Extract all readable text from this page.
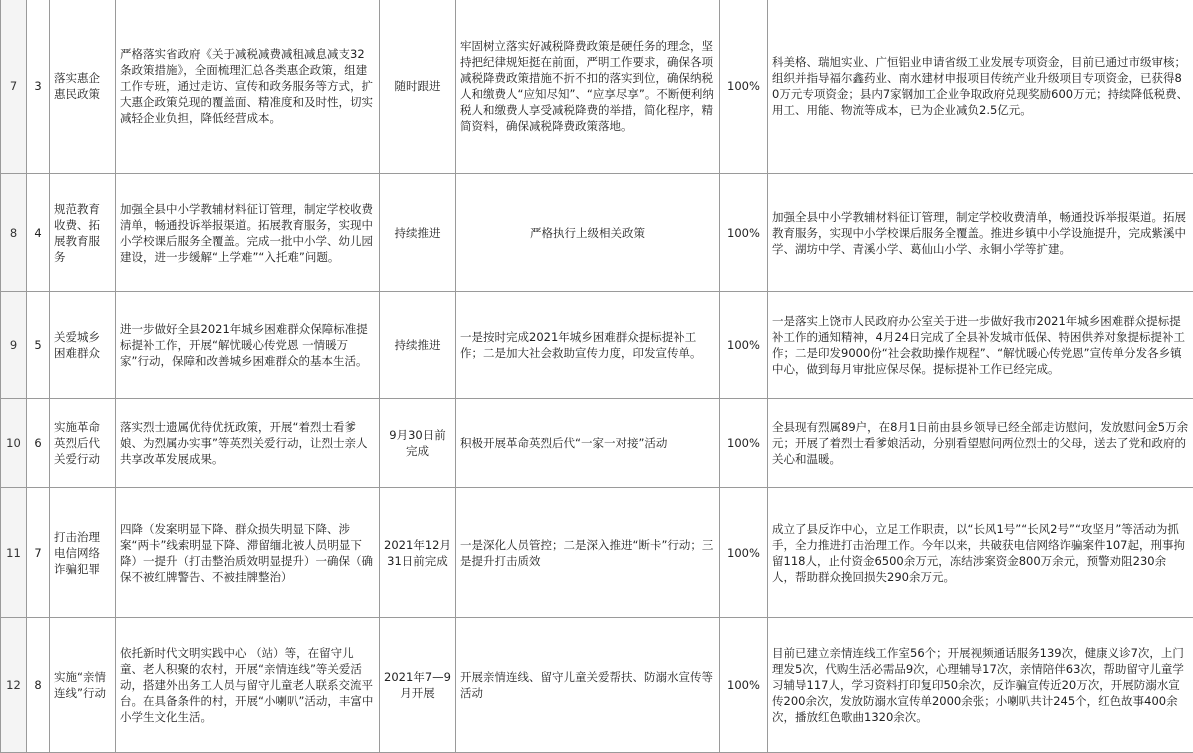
7	3	落实惠企惠民政策	严格落实省政府《关于减税减费减租减息减支32条政策措施》，全面梳理汇总各类惠企政策，组建工作专班，通过走访、宣传和政务服务等方式，扩大惠企政策兑现的覆盖面、精准度和及时性，切实减轻企业负担，降低经营成本。	随时跟进	牢固树立落实好减税降费政策是硬任务的理念，坚持把纪律规矩挺在前面，严明工作要求，确保各项减税降费政策措施不折不扣的落实到位，确保纳税人和缴费人“应知尽知”、“应享尽享”。不断便利纳税人和缴费人享受减税降费的举措，简化程序，精简资料，确保减税降费政策落地。	100%	科美格、瑞旭实业、广恒铝业申请省级工业发展专项资金，目前已通过市级审核；组织并指导福尔鑫药业、南水建材申报项目传统产业升级项目专项资金，已获得80万元专项资金；县内7家钢加工企业争取政府兑现奖励600万元；持续降低税费、用工、用能、物流等成本，已为企业减负2.5亿元。
8	4	规范教育收费、拓展教育服务	加强全县中小学教辅材料征订管理，制定学校收费清单，畅通投诉举报渠道。拓展教育服务，实现中小学校课后服务全覆盖。完成一批中小学、幼儿园建设，进一步缓解“上学难”“入托难”问题。	持续推进	严格执行上级相关政策	100%	加强全县中小学教辅材料征订管理，制定学校收费清单，畅通投诉举报渠道。拓展教育服务，实现中小学校课后服务全覆盖。推进乡镇中小学设施提升，完成紫溪中学、湖坊中学、青溪小学、葛仙山小学、永铜小学等扩建。
9	5	关爱城乡困难群众	进一步做好全县2021年城乡困难群众保障标准提标提补工作，开展“解忧暖心传党恩 一情暖万家”行动，保障和改善城乡困难群众的基本生活。	持续推进	一是按时完成2021年城乡困难群众提标提补工作；二是加大社会救助宣传力度，印发宣传单。	100%	一是落实上饶市人民政府办公室关于进一步做好我市2021年城乡困难群众提标提补工作的通知精神，4月24日完成了全县补发城市低保、特困供养对象提标提补工作；二是印发9000份“社会救助操作规程”、“解忧暖心传党恩”宣传单分发各乡镇中心，做到每月审批应保尽保。提标提补工作已经完成。
10	6	实施革命英烈后代关爱行动	落实烈士遗属优待优抚政策，开展“着烈士看爹娘、为烈属办实事”等英烈关爱行动，让烈士亲人共享改革发展成果。	9月30日前完成	积极开展革命英烈后代“一家一对接”活动	100%	全县现有烈属89户，在8月1日前由县乡领导已经全部走访慰问，发放慰问金5万余元；开展了着烈士看爹娘活动，分别看望慰问两位烈士的父母，送去了党和政府的关心和温暖。
11	7	打击治理电信网络诈骗犯罪	四降（发案明显下降、群众损失明显下降、涉案“两卡”线索明显下降、滞留缅北被人员明显下降）一提升（打击整治质效明显提升）一确保（确保不被红牌警告、不被挂牌整治）	2021年12月31日前完成	一是深化人员管控；二是深入推进“断卡”行动；三是提升打击质效	100%	成立了县反诈中心，立足工作职责，以“长风1号”“长风2号”“攻坚月”等活动为抓手，全力推进打击治理工作。今年以来，共破获电信网络诈骗案件107起，刑事拘留118人，止付资金6500余万元，冻结涉案资金800万余元，预警劝阻230余人，帮助群众挽回损失290余万元。
12	8	实施“亲情连线”行动	依托新时代文明实践中心 （站）等，在留守儿童、老人积聚的农村，开展“亲情连线”等关爱活动，搭建外出务工人员与留守儿童老人联系交流平台。在具备条件的村，开展“小喇叭”活动，丰富中小学生文化生活。	2021年7—9月开展	开展亲情连线、留守儿童关爱帮扶、防溺水宣传等活动	100%	目前已建立亲情连线工作室56个；开展视频通话服务139次，健康义诊7次，上门理发5次，代购生活必需品9次，心理辅导17次，亲情陪伴63次，帮助留守儿童学习辅导117人，学习资料打印复印50余次，反诈骗宣传近20万次，开展防溺水宣传200余次，发放防溺水宣传单2000余张；小喇叭共计245个，红色故事400余次，播放红色歌曲1320余次。
